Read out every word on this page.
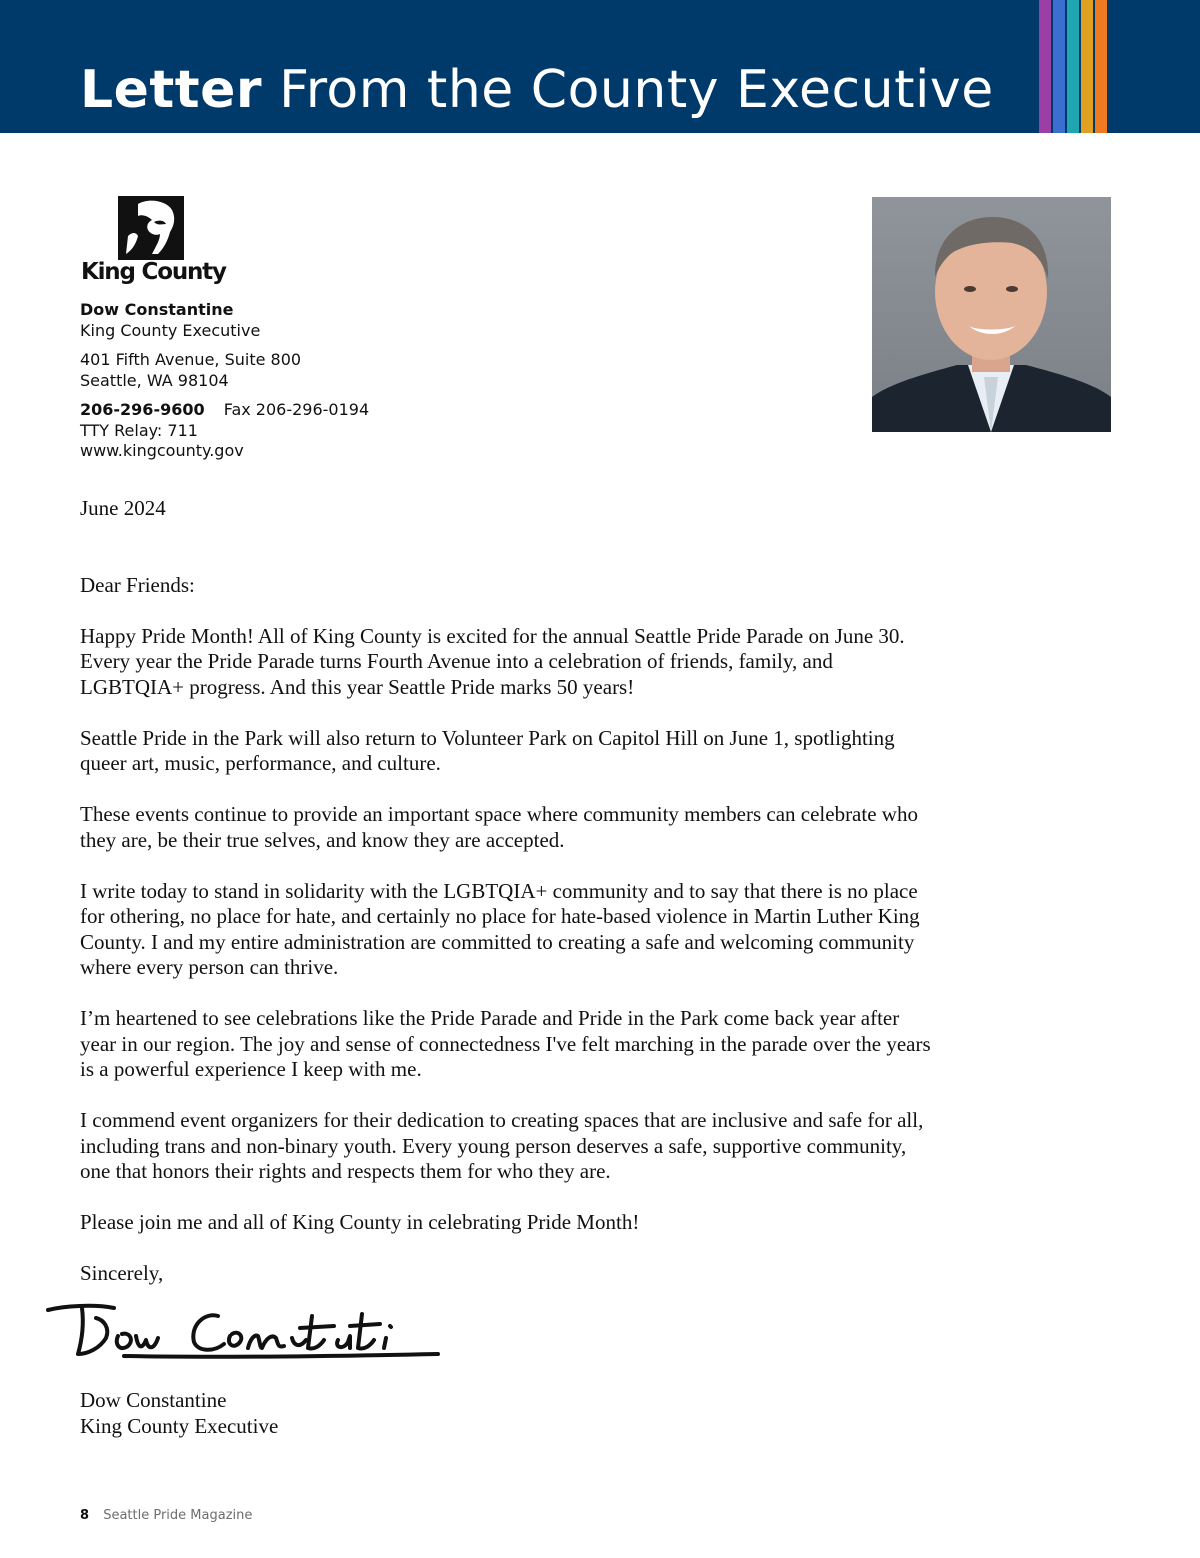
Letter From the County Executive
King County
Dow Constantine
King County Executive
401 Fifth Avenue, Suite 800
Seattle, WA 98104
206-296-9600 Fax 206-296-0194
TTY Relay: 711
www.kingcounty.gov

June 2024

Dear Friends:

Happy Pride Month! All of King County is excited for the annual Seattle Pride Parade on June 30. Every year the Pride Parade turns Fourth Avenue into a celebration of friends, family, and LGBTQIA+ progress. And this year Seattle Pride marks 50 years!

Seattle Pride in the Park will also return to Volunteer Park on Capitol Hill on June 1, spotlighting queer art, music, performance, and culture.

These events continue to provide an important space where community members can celebrate who they are, be their true selves, and know they are accepted.

I write today to stand in solidarity with the LGBTQIA+ community and to say that there is no place for othering, no place for hate, and certainly no place for hate-based violence in Martin Luther King County. I and my entire administration are committed to creating a safe and welcoming community where every person can thrive.

I’m heartened to see celebrations like the Pride Parade and Pride in the Park come back year after year in our region. The joy and sense of connectedness I've felt marching in the parade over the years is a powerful experience I keep with me.

I commend event organizers for their dedication to creating spaces that are inclusive and safe for all, including trans and non-binary youth. Every young person deserves a safe, supportive community, one that honors their rights and respects them for who they are.

Please join me and all of King County in celebrating Pride Month!

Sincerely,

Dow Constantine
King County Executive
8 Seattle Pride Magazine
